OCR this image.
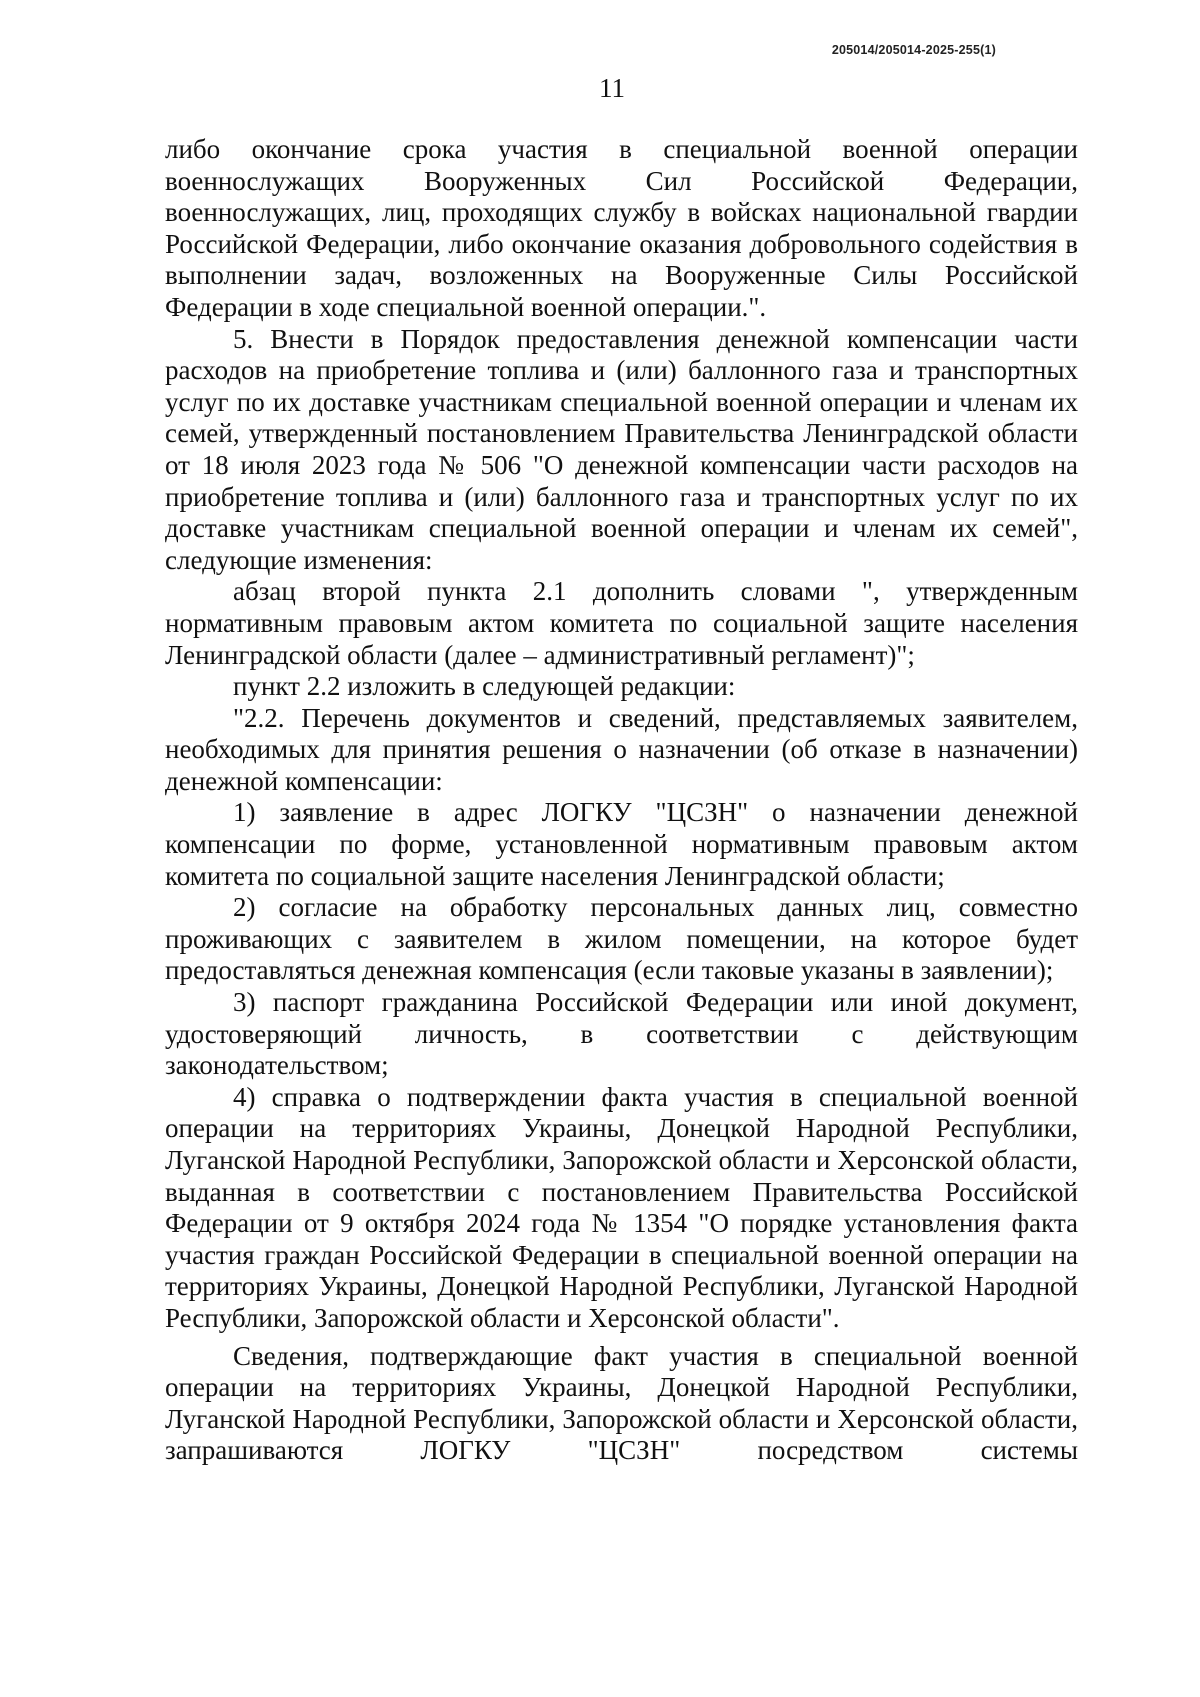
205014/205014-2025-255(1)
11

либо окончание срока участия в специальной военной операции военнослужащих Вооруженных Сил Российской Федерации, военнослужащих, лиц, проходящих службу в войсках национальной гвардии Российской Федерации, либо окончание оказания добровольного содействия в выполнении задач, возложенных на Вооруженные Силы Российской Федерации в ходе специальной военной операции.".

5. Внести в Порядок предоставления денежной компенсации части расходов на приобретение топлива и (или) баллонного газа и транспортных услуг по их доставке участникам специальной военной операции и членам их семей, утвержденный постановлением Правительства Ленинградской области от 18 июля 2023 года № 506 "О денежной компенсации части расходов на приобретение топлива и (или) баллонного газа и транспортных услуг по их доставке участникам специальной военной операции и членам их семей", следующие изменения:

абзац второй пункта 2.1 дополнить словами ", утвержденным нормативным правовым актом комитета по социальной защите населения Ленинградской области (далее – административный регламент)";

пункт 2.2 изложить в следующей редакции:

"2.2. Перечень документов и сведений, представляемых заявителем, необходимых для принятия решения о назначении (об отказе в назначении) денежной компенсации:

1) заявление в адрес ЛОГКУ "ЦСЗН" о назначении денежной компенсации по форме, установленной нормативным правовым актом комитета по социальной защите населения Ленинградской области;

2) согласие на обработку персональных данных лиц, совместно проживающих с заявителем в жилом помещении, на которое будет предоставляться денежная компенсация (если таковые указаны в заявлении);

3) паспорт гражданина Российской Федерации или иной документ, удостоверяющий личность, в соответствии с действующим законодательством;

4) справка о подтверждении факта участия в специальной военной операции на территориях Украины, Донецкой Народной Республики, Луганской Народной Республики, Запорожской области и Херсонской области, выданная в соответствии с постановлением Правительства Российской Федерации от 9 октября 2024 года № 1354 "О порядке установления факта участия граждан Российской Федерации в специальной военной операции на территориях Украины, Донецкой Народной Республики, Луганской Народной Республики, Запорожской области и Херсонской области".

Сведения, подтверждающие факт участия в специальной военной операции на территориях Украины, Донецкой Народной Республики, Луганской Народной Республики, Запорожской области и Херсонской области, запрашиваются ЛОГКУ "ЦСЗН" посредством системы
